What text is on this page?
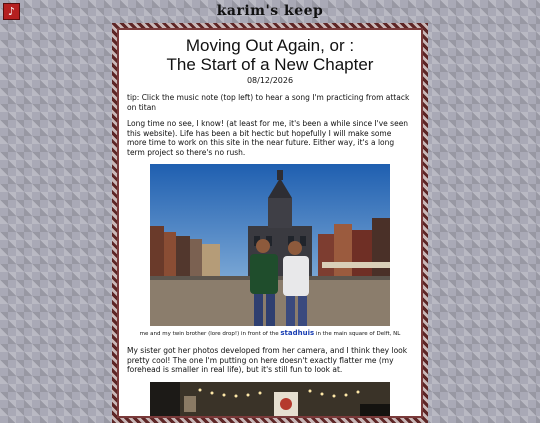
♪	karim's keep
Moving Out Again, or :
The Start of a New Chapter
08/12/2026

tip: Click the music note (top left) to hear a song I'm practicing from attack on titan

Long time no see, I know! (at least for me, it's been a while since I've seen this website). Life has been a bit hectic but hopefully I will make some more time to work on this site in the near future. Either way, it's a long term project so there's no rush.

me and my twin brother (lore drop!) in front of the stadhuis in the main square of Delft, NL

My sister got her photos developed from her camera, and I think they look pretty cool! The one I'm putting on here doesn't exactly flatter me (my forehead is smaller in real life), but it's still fun to look at.
